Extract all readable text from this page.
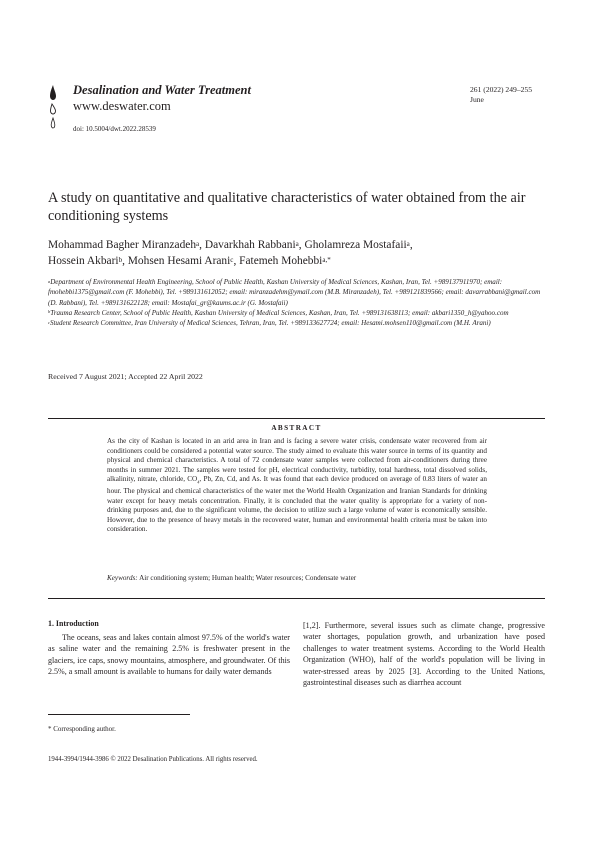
Desalination and Water Treatment
www.deswater.com
doi: 10.5004/dwt.2022.28539
261 (2022) 249–255
June
A study on quantitative and qualitative characteristics of water obtained from the air conditioning systems
Mohammad Bagher Miranzadeh$^a$, Davarkhah Rabbani$^a$, Gholamreza Mostafaii$^a$,
Hossein Akbari$^b$, Mohsen Hesami Arani$^c$, Fatemeh Mohebbi$^{a,*}$

$^a$Department of Environmental Health Engineering, School of Public Health, Kashan University of Medical Sciences, Kashan, Iran, Tel. +989137911970; email: fmohebbi1375@gmail.com (F. Mohebbi), Tel. +989131612052; email: miranzadehm@ymail.com (M.B. Miranzadeh), Tel. +989121839566; email: davarrabbani@gmail.com (D. Rabbani), Tel. +989131622128; email: Mostafai_gr@kaums.ac.ir (G. Mostafaii)

$^b$Trauma Research Center, School of Public Health, Kashan University of Medical Sciences, Kashan, Iran, Tel. +989131638113; email: akbari1350_h@yahoo.com

$^c$Student Research Committee, Iran University of Medical Sciences, Tehran, Iran, Tel. +989133627724; email: Hesami.mohsen110@gmail.com (M.H. Arani)

Received 7 August 2021; Accepted 22 April 2022
ABSTRACT
As the city of Kashan is located in an arid area in Iran and is facing a severe water crisis, condensate water recovered from air conditioners could be considered a potential water source. The study aimed to evaluate this water source in terms of its quantity and physical and chemical characteristics. A total of 72 condensate water samples were collected from air-conditioners during three months in summer 2021. The samples were tested for pH, electrical conductivity, turbidity, total hardness, total dissolved solids, alkalinity, nitrate, chloride, $CO_4$, Pb, Zn, Cd, and As. It was found that each device produced on average of 0.83 liters of water an hour. The physical and chemical characteristics of the water met the World Health Organization and Iranian Standards for drinking water except for heavy metals concentration. Finally, it is concluded that the water quality is appropriate for a variety of non-drinking purposes and, due to the significant volume, the decision to utilize such a large volume of water is economically sensible. However, due to the presence of heavy metals in the recovered water, human and environmental health criteria must be taken into consideration.
Keywords: Air conditioning system; Human health; Water resources; Condensate water
1. Introduction
The oceans, seas and lakes contain almost 97.5% of the world's water as saline water and the remaining 2.5% is freshwater present in the glaciers, ice caps, snowy mountains, atmosphere, and groundwater. Of this 2.5%, a small amount is available to humans for daily water demands
[1,2]. Furthermore, several issues such as climate change, progressive water shortages, population growth, and urbanization have posed challenges to water treatment systems. According to the World Health Organization (WHO), half of the world's population will be living in water-stressed areas by 2025 [3]. According to the United Nations, gastrointestinal diseases such as diarrhea account
* Corresponding author.
1944-3994/1944-3986 © 2022 Desalination Publications. All rights reserved.
